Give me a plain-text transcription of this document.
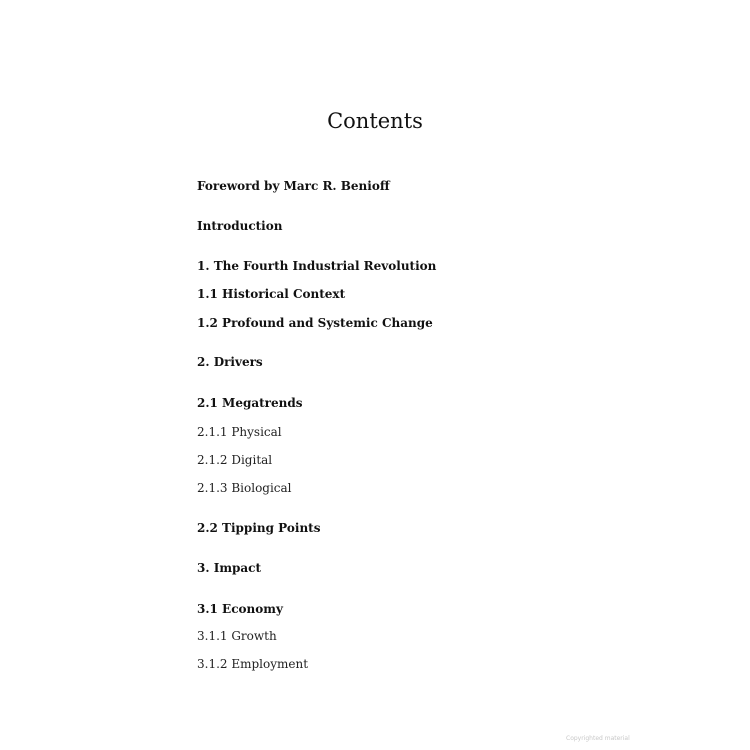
Contents
Foreword by Marc R. Benioff
Introduction
1. The Fourth Industrial Revolution
1.1 Historical Context
1.2 Profound and Systemic Change
2. Drivers
2.1 Megatrends
2.1.1 Physical
2.1.2 Digital
2.1.3 Biological
2.2 Tipping Points
3. Impact
3.1 Economy
3.1.1 Growth
3.1.2 Employment
Copyrighted material
